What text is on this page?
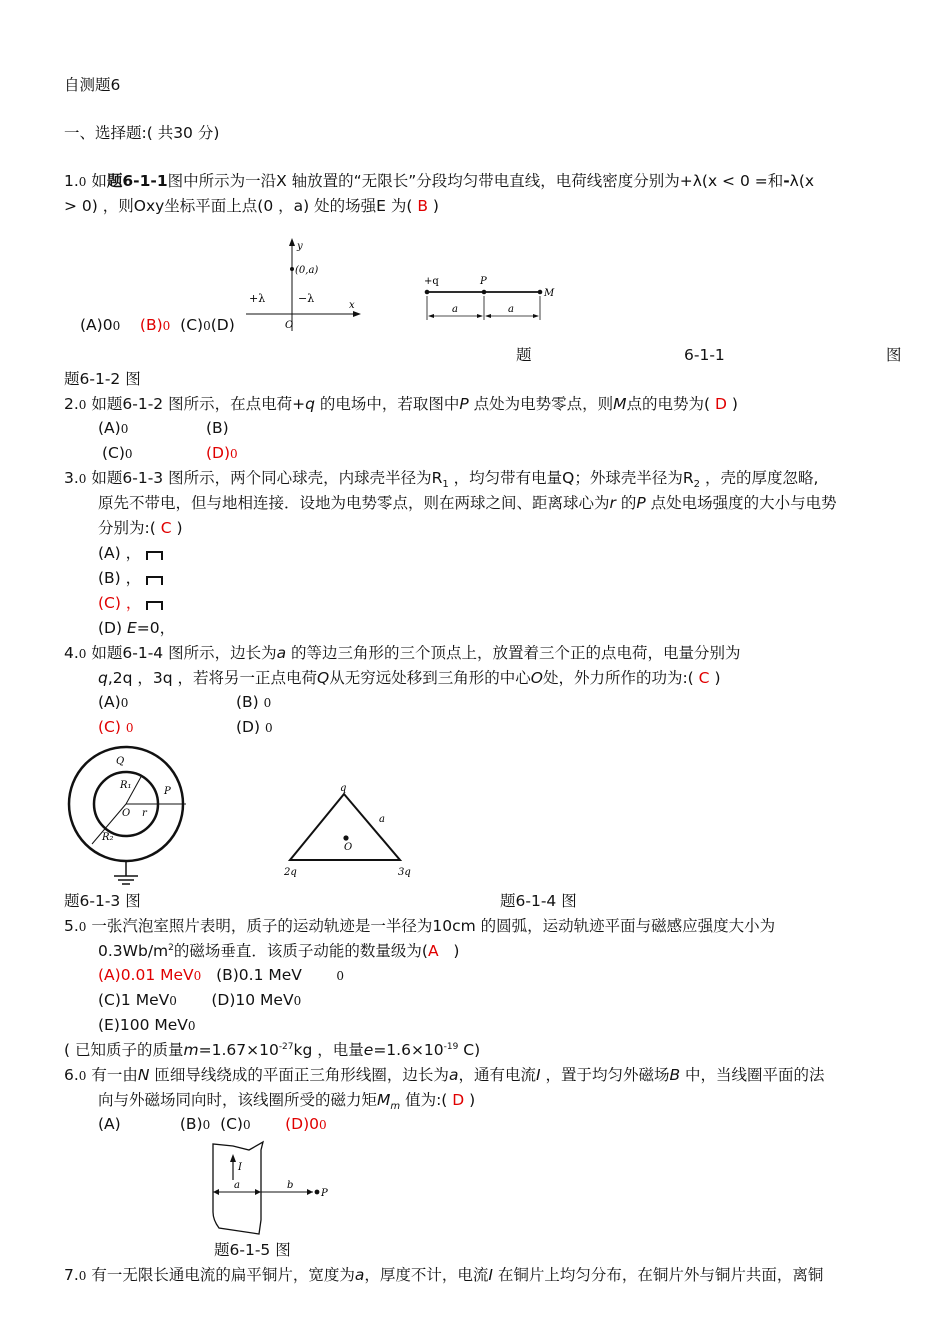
自测题6
一、选择题:( 共30 分)
1.0 如题6-1-1图中所示为一沿X 轴放置的“无限长”分段均匀带电直线，电荷线密度分别为+λ(x < 0 =和-λ(x
> 0) ，则Oxy坐标平面上点(0 ，a) 处的场强E 为( B )
(A)00 (B)0 (C)0(D)
y
(0,a)
+λ	−λ
x
O
+q	P
M
a	a
题	6-1-1	图
题6-1-2 图
2.0 如题6-1-2 图所示，在点电荷+q 的电场中，若取图中P 点处为电势零点，则M点的电势为( D )
(A)0	(B)
(C)0	(D)0
3.0 如题6-1-3 图所示，两个同心球壳，内球壳半径为$R_1$ ，均匀带有电量Q；外球壳半径为$R_2$ ，壳的厚度忽略,
原先不带电，但与地相连接．设地为电势零点，则在两球之间、距离球心为r 的P 点处电场强度的大小与电势
分别为:( C )
(A) ，
(B) ，
(C) ，
(D) E=0，
4.0 如题6-1-4 图所示，边长为a 的等边三角形的三个顶点上，放置着三个正的点电荷，电量分别为
q,2q ，3q ，若将另一正点电荷Q从无穷远处移到三角形的中心O处，外力所作的功为:( C )
(A)0	(B) 0
(C) 0	(D) 0
Q
R₁
P
O r
R₂
q
a
O
2q	3q
题6-1-3 图	题6-1-4 图
5.0 一张汽泡室照片表明，质子的运动轨迹是一半径为10cm 的圆弧，运动轨迹平面与磁感应强度大小为
$0.3Wb/m^2$的磁场垂直．该质子动能的数量级为(A )
(A)0.01 MeV0 (B)0.1 MeV	0
(C)1 MeV0 (D)10 MeV0
(E)100 MeV0
( 已知质子的质量$m=1.67\times 10^{-27}kg$ ，电量$e=1.6\times 10^{-19}$ C)
6.0 有一由N 匝细导线绕成的平面正三角形线圈，边长为a，通有电流I ，置于均匀外磁场B 中，当线圈平面的法
向与外磁场同向时，该线圈所受的磁力矩$M_m$ 值为:( D )
(A)	(B)0 (C)0 (D)00
I
a	b
P
题6-1-5 图
7.0 有一无限长通电流的扁平铜片，宽度为a，厚度不计，电流I 在铜片上均匀分布，在铜片外与铜片共面，离铜
